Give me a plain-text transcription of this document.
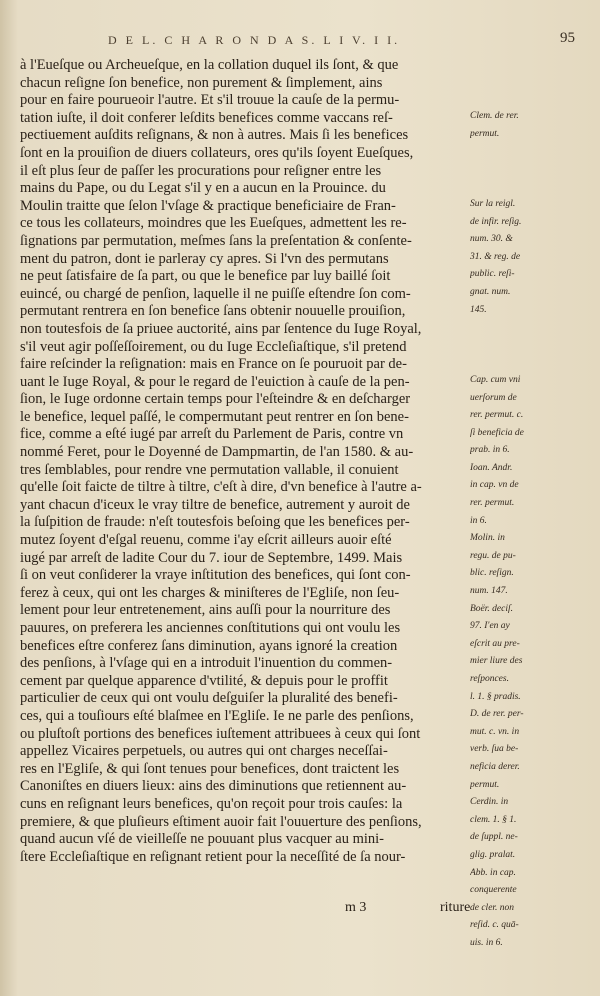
D E L. C H A R O N D A S. L I V. I I.	95
à l'Eueſque ou Archeueſque, en la collation duquel ils ſont, & que
chacun reſigne ſon benefice, non purement & ſimplement, ains
pour en faire pourueoir l'autre. Et s'il trouue la cauſe de la permu-
tation iuſte, il doit conferer leſdits benefices comme vaccans reſ-
pectiuement auſdits reſignans, & non à autres. Mais ſi les benefices
ſont en la prouiſion de diuers collateurs, ores qu'ils ſoyent Eueſques,
il eſt plus ſeur de paſſer les procurations pour reſigner entre les
mains du Pape, ou du Legat s'il y en a aucun en la Prouince. du
Moulin traitte que ſelon l'vſage & practique beneficiaire de Fran-
ce tous les collateurs, moindres que les Eueſques, admettent les re-
ſignations par permutation, meſmes ſans la preſentation & conſente-
ment du patron, dont ie parleray cy apres. Si l'vn des permutans
ne peut ſatisfaire de ſa part, ou que le benefice par luy baillé ſoit
euincé, ou chargé de penſion, laquelle il ne puiſſe eſtendre ſon com-
permutant rentrera en ſon benefice ſans obtenir nouuelle prouiſion,
non toutesfois de ſa priuee auctorité, ains par ſentence du Iuge Royal,
s'il veut agir poſſeſſoirement, ou du Iuge Eccleſiaſtique, s'il pretend
faire reſcinder la reſignation: mais en France on ſe pouruoit par de-
uant le Iuge Royal, & pour le regard de l'euiction à cauſe de la pen-
ſion, le Iuge ordonne certain temps pour l'eſteindre & en deſcharger
le benefice, lequel paſſé, le compermutant peut rentrer en ſon bene-
fice, comme a eſté iugé par arreſt du Parlement de Paris, contre vn
nommé Feret, pour le Doyenné de Dampmartin, de l'an 1580. & au-
tres ſemblables, pour rendre vne permutation vallable, il conuient
qu'elle ſoit faicte de tiltre à tiltre, c'eſt à dire, d'vn benefice à l'autre a-
yant chacun d'iceux le vray tiltre de benefice, autrement y auroit de
la ſuſpition de fraude: n'eſt toutesfois beſoing que les benefices per-
mutez ſoyent d'eſgal reuenu, comme i'ay eſcrit ailleurs auoir eſté
iugé par arreſt de ladite Cour du 7. iour de Septembre, 1499. Mais
ſi on veut conſiderer la vraye inſtitution des benefices, qui ſont con-
ferez à ceux, qui ont les charges & miniſteres de l'Egliſe, non ſeu-
lement pour leur entretenement, ains auſſi pour la nourriture des
pauures, on preferera les anciennes conſtitutions qui ont voulu les
benefices eſtre conferez ſans diminution, ayans ignoré la creation
des penſions, à l'vſage qui en a introduit l'inuention du commen-
cement par quelque apparence d'vtilité, & depuis pour le proffit
particulier de ceux qui ont voulu deſguiſer la pluralité des benefi-
ces, qui a touſiours eſté blaſmee en l'Egliſe. Ie ne parle des penſions,
ou pluſtoſt portions des benefices iuſtement attribuees à ceux qui ſont
appellez Vicaires perpetuels, ou autres qui ont charges neceſſai-
res en l'Egliſe, & qui ſont tenues pour benefices, dont traictent les
Canoniſtes en diuers lieux: ains des diminutions que retiennent au-
cuns en reſignant leurs benefices, qu'on reçoit pour trois cauſes: la
premiere, & que pluſieurs eſtiment auoir fait l'ouuerture des penſions,
quand aucun vſé de vieilleſſe ne pouuant plus vacquer au mini-
ſtere Eccleſiaſtique en reſignant retient pour la neceſſité de ſa nour-
Clem. de rer.
permut.
Sur la reigl.
de infir. reſig.
num. 30. &
31. & reg. de
public. reſi-
gnat. num.
145.
Cap. cum vni
uerſorum de
rer. permut. c.
ſi beneficia de
prab. in 6.
Ioan. Andr.
in cap. vn de
rer. permut.
in 6.
Molin. in
regu. de pu-
blic. reſign.
num. 147.
Boër. deciſ.
97. I'en ay
eſcrit au pre-
mier liure des
reſponces.
l. 1. § pradis.
D. de rer. per-
mut. c. vn. in
verb. ſua be-
neficia derer.
permut.
Cerdin. in
clem. 1. § 1.
de ſuppl. ne-
glig. pralat.
Abb. in cap.
conquerente
de cler. non
reſid. c. quā-
uis. in 6.
m 3	riture
